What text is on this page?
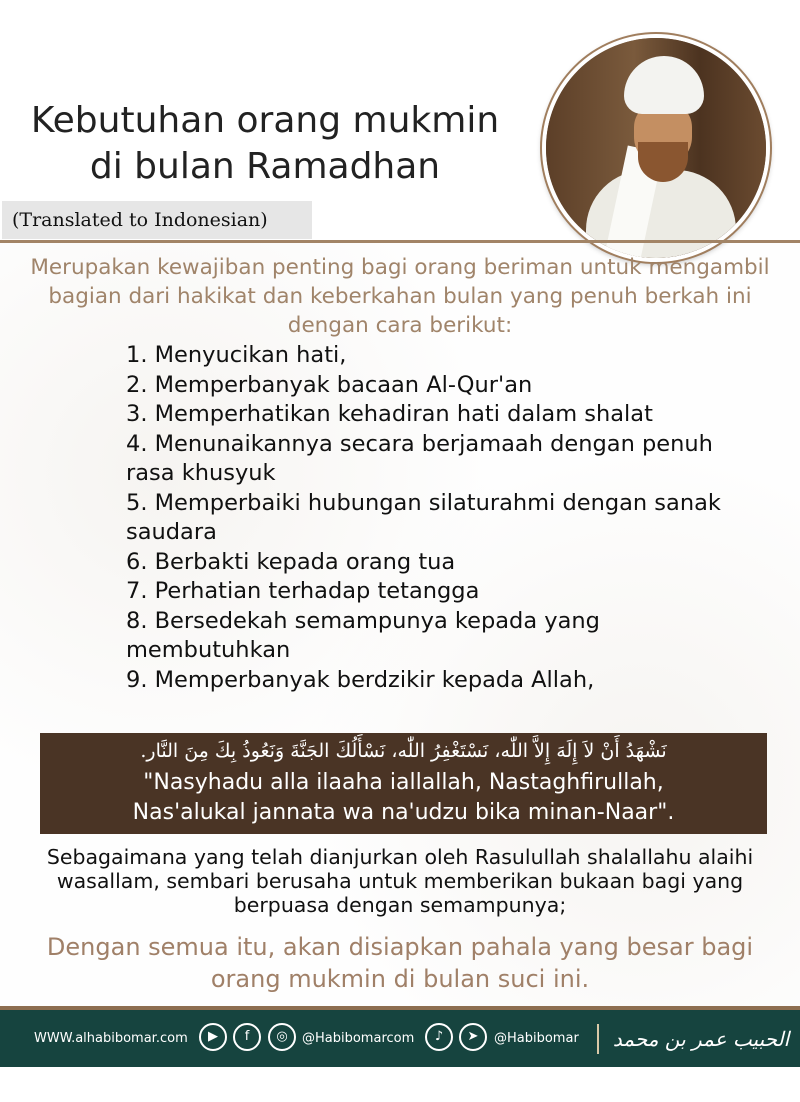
Kebutuhan orang mukmin
di bulan Ramadhan
(Translated to Indonesian)
Merupakan kewajiban penting bagi orang beriman untuk mengambil bagian dari hakikat dan keberkahan bulan yang penuh berkah ini dengan cara berikut:
1. Menyucikan hati,
2. Memperbanyak bacaan Al-Qur'an
3. Memperhatikan kehadiran hati dalam shalat
4. Menunaikannya secara berjamaah dengan penuh rasa khusyuk
5. Memperbaiki hubungan silaturahmi dengan sanak saudara
6. Berbakti kepada orang tua
7. Perhatian terhadap tetangga
8. Bersedekah semampunya kepada yang membutuhkan
9. Memperbanyak berdzikir kepada Allah,
نَشْهَدُ أَنْ لاَ إِلَهَ إِلاَّ اللّٰه، نَسْتَغْفِرُ اللّٰه، نَسْأَلُكَ الجَنَّةَ وَنَعُوذُ بِكَ مِنَ النَّار.
"Nasyhadu alla ilaaha iallallah, Nastaghfirullah,
Nas'alukal jannata wa na'udzu bika minan-Naar".
Sebagaimana yang telah dianjurkan oleh Rasulullah shalallahu alaihi wasallam, sembari berusaha untuk memberikan bukaan bagi yang berpuasa dengan semampunya;
Dengan semua itu, akan disiapkan pahala yang besar bagi orang mukmin di bulan suci ini.
WWW.alhabibomar.com	▶	f	◎	@Habibomarcom	♪	➤	@Habibomar الحبيب عمر بن محمد بن سالم بن حفيظ
